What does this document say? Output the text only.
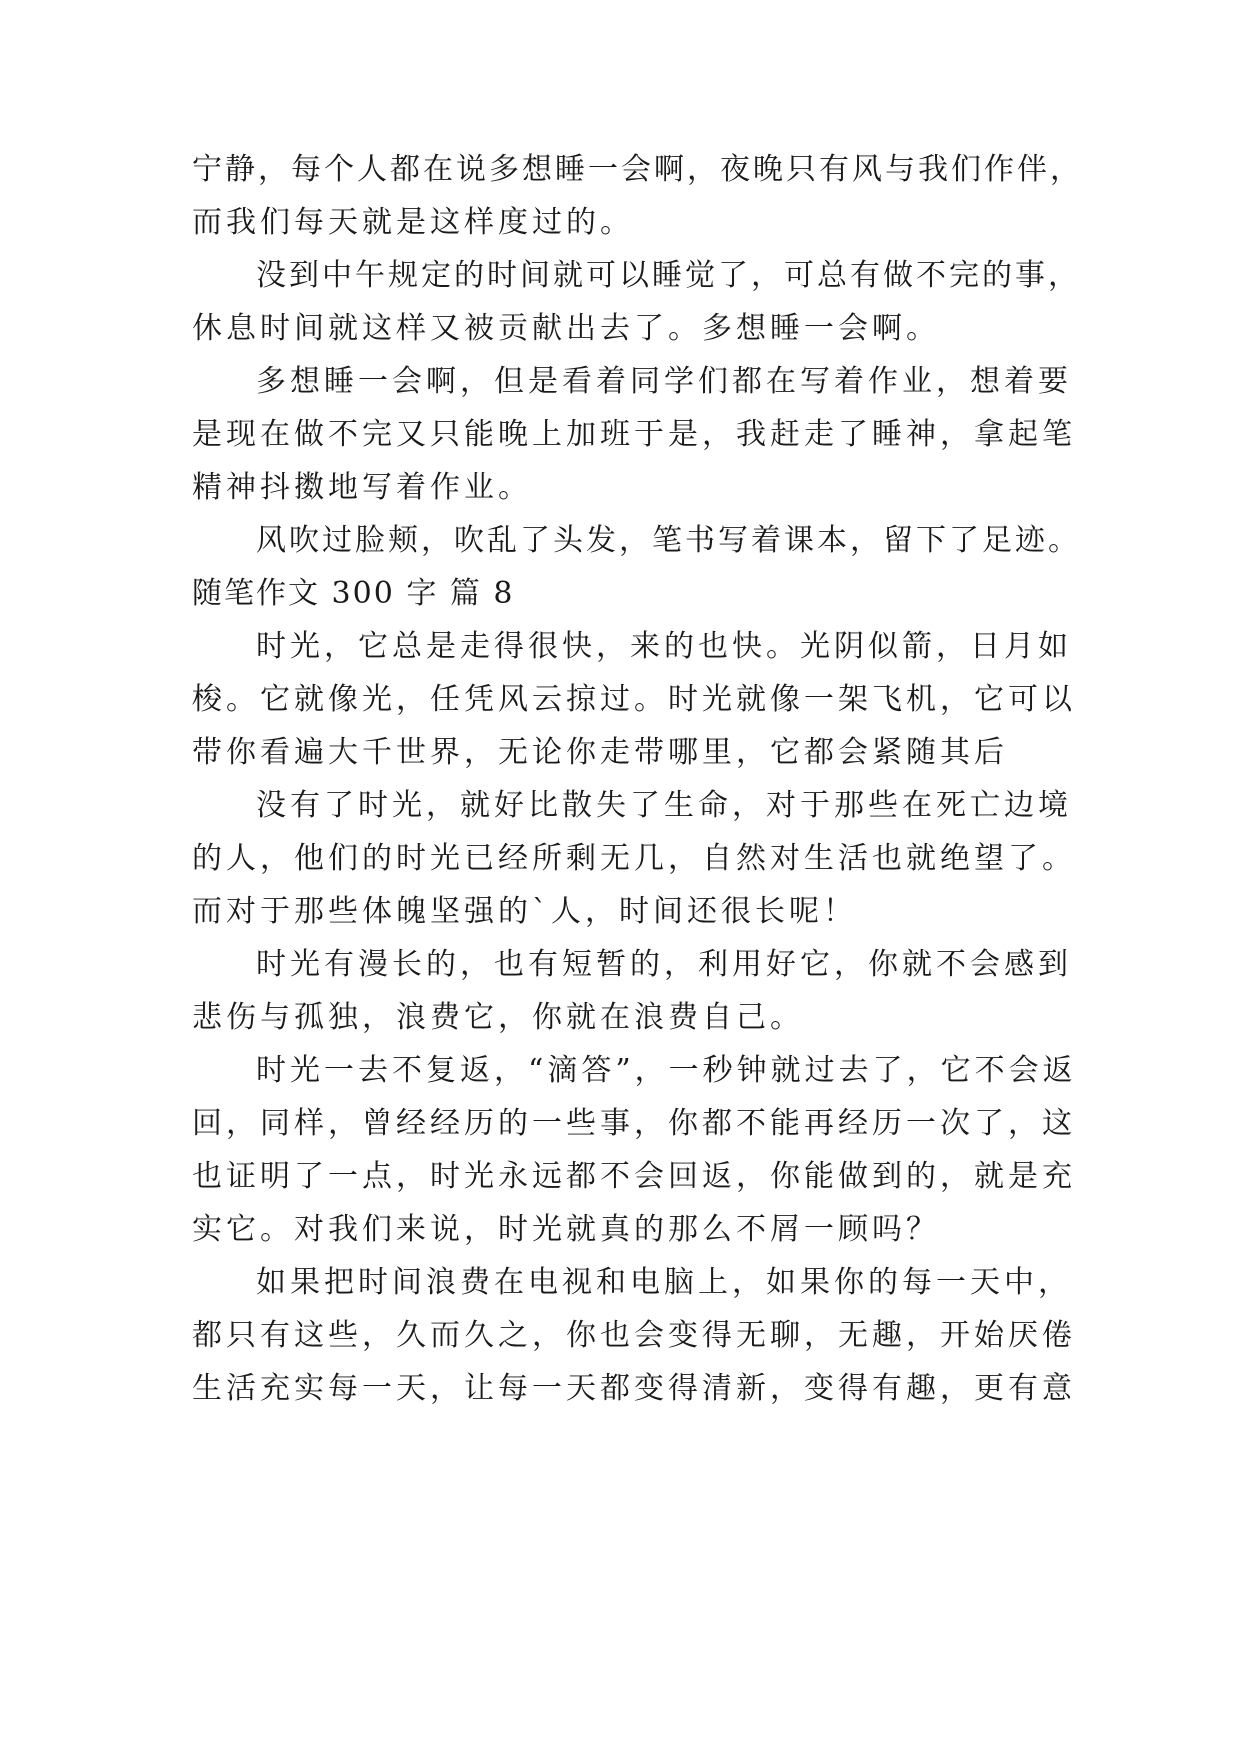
宁静，每个人都在说多想睡一会啊，夜晚只有风与我们作伴，
而我们每天就是这样度过的。
没到中午规定的时间就可以睡觉了，可总有做不完的事，
休息时间就这样又被贡献出去了。多想睡一会啊。
多想睡一会啊，但是看着同学们都在写着作业，想着要
是现在做不完又只能晚上加班于是，我赶走了睡神，拿起笔
精神抖擞地写着作业。
风吹过脸颊，吹乱了头发，笔书写着课本，留下了足迹。
随笔作文 300 字 篇 8
时光，它总是走得很快，来的也快。光阴似箭，日月如
梭。它就像光，任凭风云掠过。时光就像一架飞机，它可以
带你看遍大千世界，无论你走带哪里，它都会紧随其后
没有了时光，就好比散失了生命，对于那些在死亡边境
的人，他们的时光已经所剩无几，自然对生活也就绝望了。
而对于那些体魄坚强的`人，时间还很长呢！
时光有漫长的，也有短暂的，利用好它，你就不会感到
悲伤与孤独，浪费它，你就在浪费自己。
时光一去不复返，“滴答”，一秒钟就过去了，它不会返
回，同样，曾经经历的一些事，你都不能再经历一次了，这
也证明了一点，时光永远都不会回返，你能做到的，就是充
实它。对我们来说，时光就真的那么不屑一顾吗？
如果把时间浪费在电视和电脑上，如果你的每一天中，
都只有这些，久而久之，你也会变得无聊，无趣，开始厌倦
生活充实每一天，让每一天都变得清新，变得有趣，更有意
